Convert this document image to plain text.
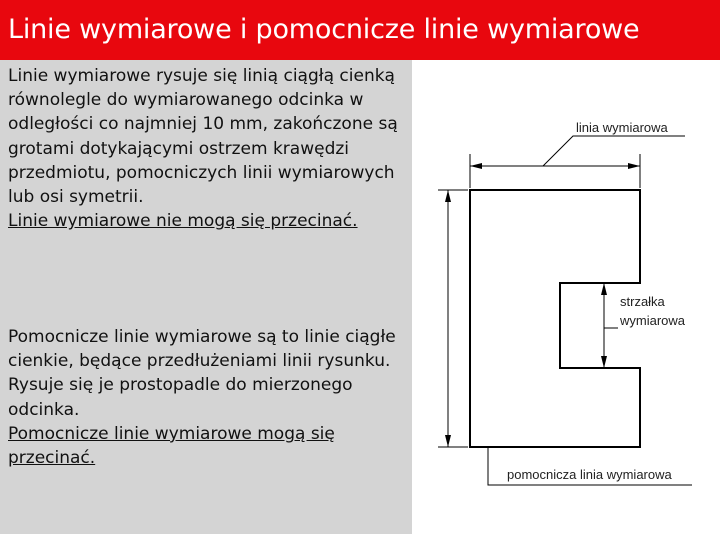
Linie wymiarowe i pomocnicze linie wymiarowe

Linie wymiarowe rysuje się linią ciągłą cienką równolegle do wymiarowanego odcinka w odległości co najmniej 10 mm, zakończone są grotami dotykającymi ostrzem krawędzi przedmiotu, pomocniczych linii wymiarowych lub osi symetrii.
Linie wymiarowe nie mogą się przecinać.

Pomocnicze linie wymiarowe są to linie ciągłe cienkie, będące przedłużeniami linii rysunku. Rysuje się je prostopadle do mierzonego odcinka.
Pomocnicze linie wymiarowe mogą się przecinać.

linia wymiarowa
strzałka
wymiarowa
pomocnicza linia wymiarowa
